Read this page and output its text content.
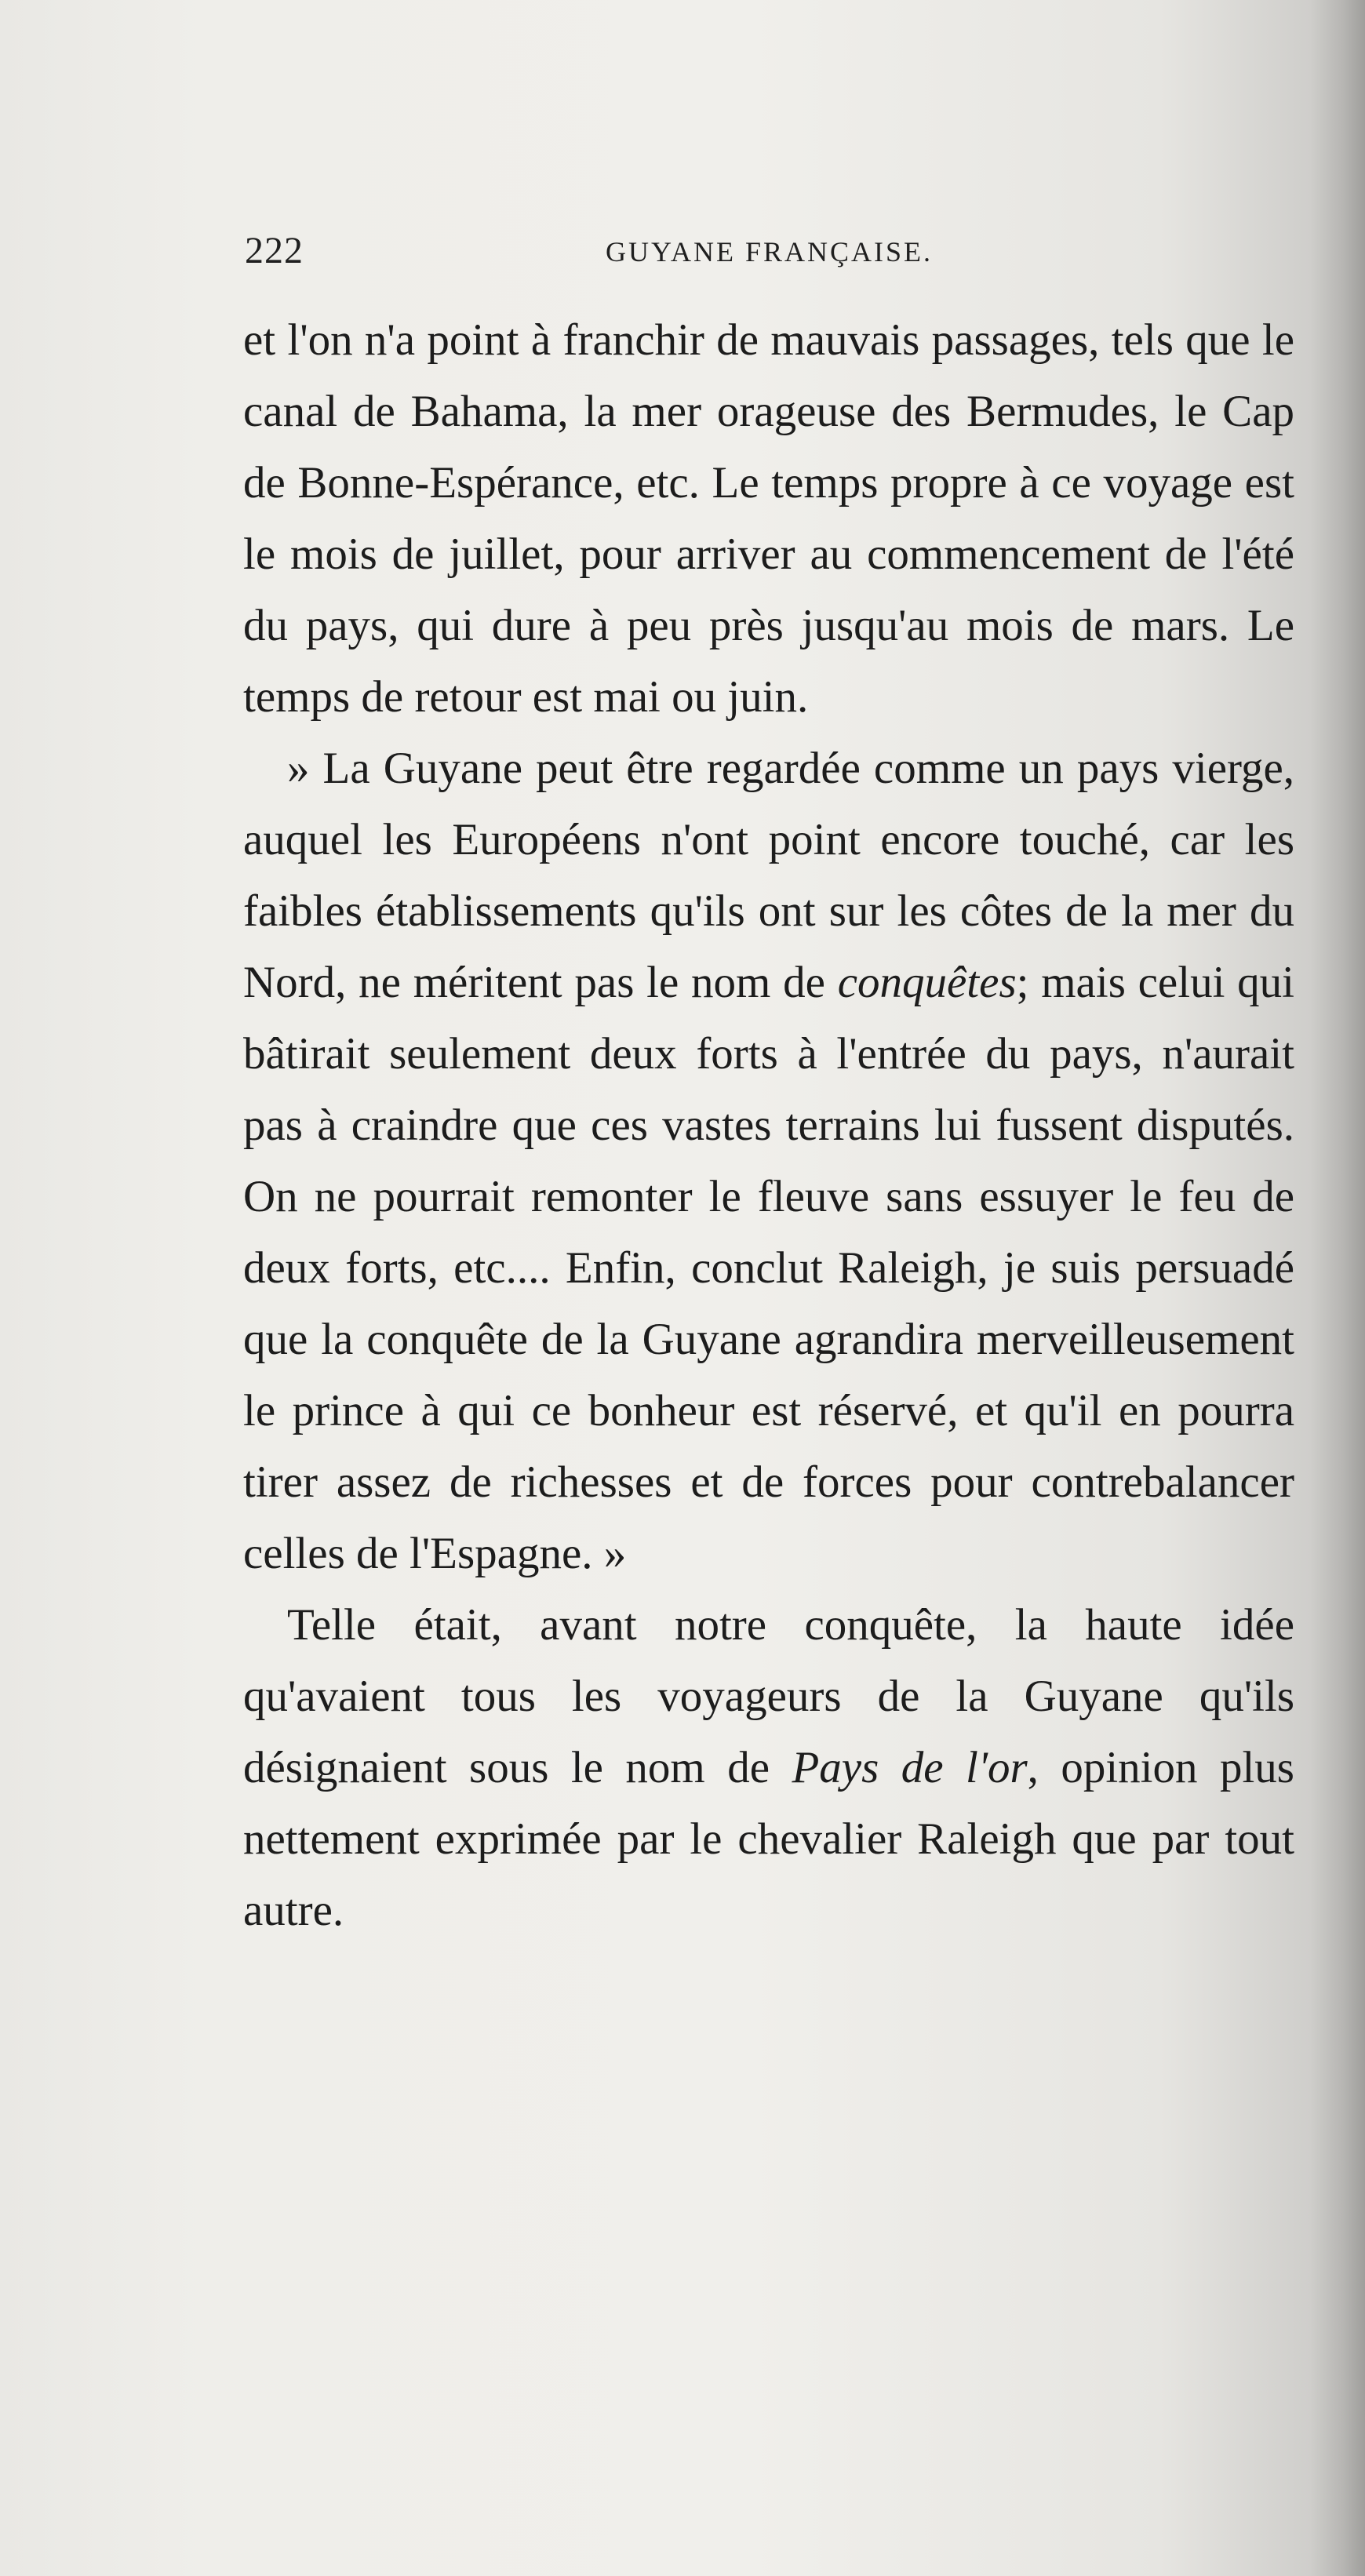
222	GUYANE FRANÇAISE.

et l'on n'a point à franchir de mauvais passages, tels que le canal de Bahama, la mer orageuse des Bermudes, le Cap de Bonne-Espérance, etc. Le temps propre à ce voyage est le mois de juillet, pour arriver au commencement de l'été du pays, qui dure à peu près jusqu'au mois de mars. Le temps de retour est mai ou juin.

» La Guyane peut être regardée comme un pays vierge, auquel les Européens n'ont point encore touché, car les faibles établissements qu'ils ont sur les côtes de la mer du Nord, ne méritent pas le nom de conquêtes; mais celui qui bâtirait seulement deux forts à l'entrée du pays, n'aurait pas à craindre que ces vastes terrains lui fussent disputés. On ne pourrait remonter le fleuve sans essuyer le feu de deux forts, etc.... Enfin, conclut Raleigh, je suis persuadé que la conquête de la Guyane agrandira merveilleusement le prince à qui ce bonheur est réservé, et qu'il en pourra tirer assez de richesses et de forces pour contrebalancer celles de l'Espagne. »

Telle était, avant notre conquête, la haute idée qu'avaient tous les voyageurs de la Guyane qu'ils désignaient sous le nom de Pays de l'or, opinion plus nettement exprimée par le chevalier Raleigh que par tout autre.
